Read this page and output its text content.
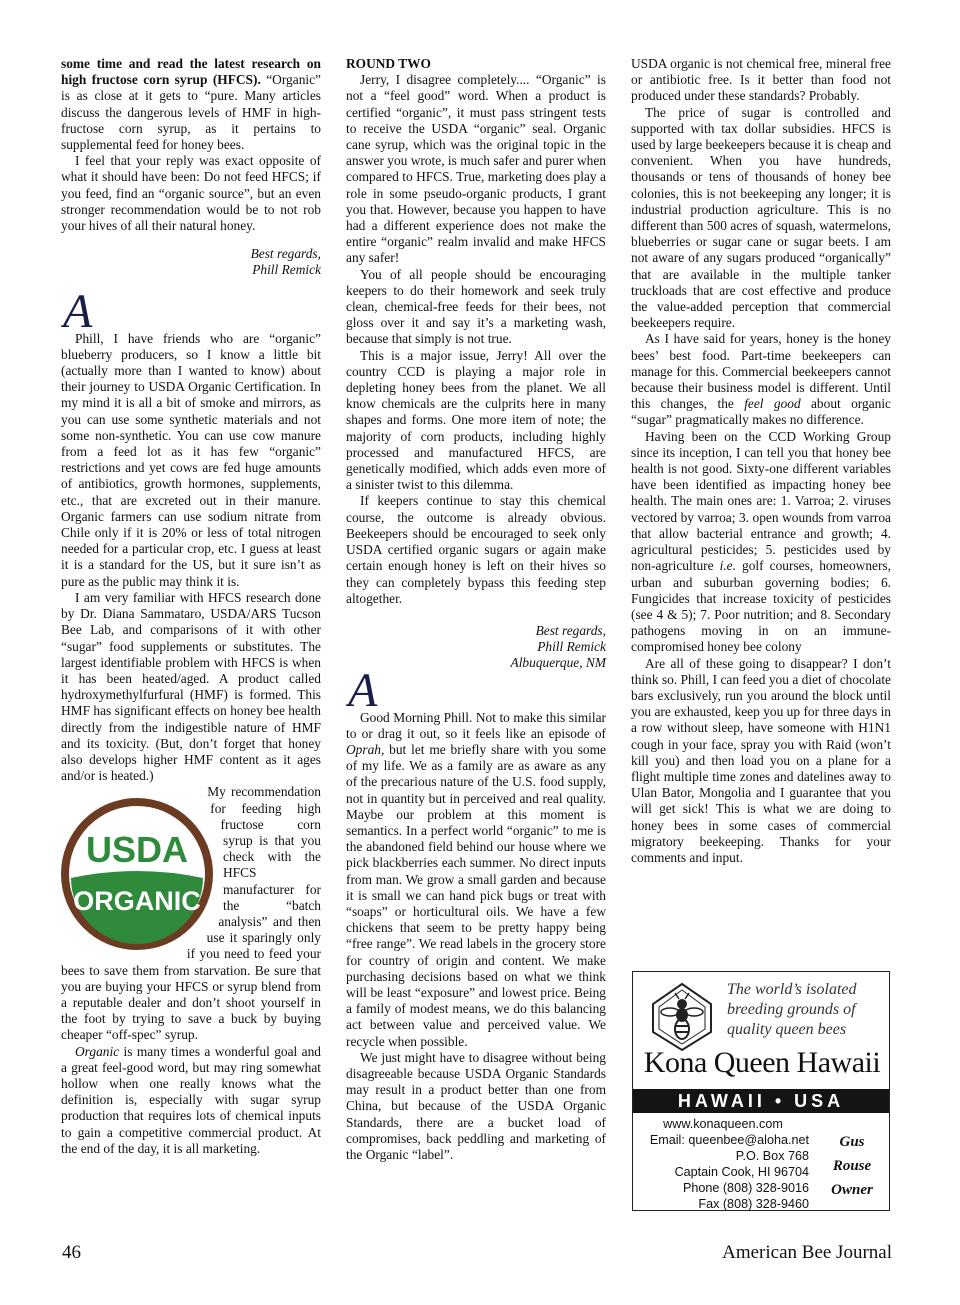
some time and read the latest research on high fructose corn syrup (HFCS). “Organic” is as close at it gets to “pure. Many articles discuss the dangerous levels of HMF in high-fructose corn syrup, as it pertains to supplemental feed for honey bees.

I feel that your reply was exact opposite of what it should have been: Do not feed HFCS; if you feed, find an “organic source”, but an even stronger recommendation would be to not rob your hives of all their natural honey.

Best regards,

Phill Remick

A

Phill, I have friends who are “organic” blueberry producers, so I know a little bit (actually more than I wanted to know) about their journey to USDA Organic Certification. In my mind it is all a bit of smoke and mirrors, as you can use some synthetic materials and not some non-synthetic. You can use cow manure from a feed lot as it has few “organic” restrictions and yet cows are fed huge amounts of antibiotics, growth hormones, supplements, etc., that are excreted out in their manure. Organic farmers can use sodium nitrate from Chile only if it is 20% or less of total nitrogen needed for a particular crop, etc. I guess at least it is a standard for the US, but it sure isn’t as pure as the public may think it is.

I am very familiar with HFCS research done by Dr. Diana Sammataro, USDA/ARS Tucson Bee Lab, and comparisons of it with other “sugar” food supplements or substitutes. The largest identifiable problem with HFCS is when it has been heated/aged. A product called hydroxymethylfurfural (HMF) is formed. This HMF has significant effects on honey bee health directly from the indigestible nature of HMF and its toxicity. (But, don’t forget that honey also develops higher HMF content as it ages and/or is heated.)

USDA
ORGANIC

My recommendation for feeding high fructose corn syrup is that you check with the HFCS manufacturer for the “batch analysis” and then use it sparingly only if you need to feed your bees to save them from starvation. Be sure that you are buying your HFCS or syrup blend from a reputable dealer and don’t shoot yourself in the foot by trying to save a buck by buying cheaper “off-spec” syrup.

Organic is many times a wonderful goal and a great feel-good word, but may ring somewhat hollow when one really knows what the definition is, especially with sugar syrup production that requires lots of chemical inputs to gain a competitive commercial product. At the end of the day, it is all marketing.

ROUND TWO

Jerry, I disagree completely.... “Organic” is not a “feel good” word. When a product is certified “organic”, it must pass stringent tests to receive the USDA “organic” seal. Organic cane syrup, which was the original topic in the answer you wrote, is much safer and purer when compared to HFCS. True, marketing does play a role in some pseudo-organic products, I grant you that. However, because you happen to have had a different experience does not make the entire “organic” realm invalid and make HFCS any safer!

You of all people should be encouraging keepers to do their homework and seek truly clean, chemical-free feeds for their bees, not gloss over it and say it’s a marketing wash, because that simply is not true.

This is a major issue, Jerry! All over the country CCD is playing a major role in depleting honey bees from the planet. We all know chemicals are the culprits here in many shapes and forms. One more item of note; the majority of corn products, including highly processed and manufactured HFCS, are genetically modified, which adds even more of a sinister twist to this dilemma.

If keepers continue to stay this chemical course, the outcome is already obvious. Beekeepers should be encouraged to seek only USDA certified organic sugars or again make certain enough honey is left on their hives so they can completely bypass this feeding step altogether.

Best regards,

Phill Remick

Albuquerque, NM

A

Good Morning Phill. Not to make this similar to or drag it out, so it feels like an episode of Oprah, but let me briefly share with you some of my life. We as a family are as aware as any of the precarious nature of the U.S. food supply, not in quantity but in perceived and real quality. Maybe our problem at this moment is semantics. In a perfect world “organic” to me is the abandoned field behind our house where we pick blackberries each summer. No direct inputs from man. We grow a small garden and because it is small we can hand pick bugs or treat with “soaps” or horticultural oils. We have a few chickens that seem to be pretty happy being “free range”. We read labels in the grocery store for country of origin and content. We make purchasing decisions based on what we think will be least “exposure” and lowest price. Being a family of modest means, we do this balancing act between value and perceived value. We recycle when possible.

We just might have to disagree without being disagreeable because USDA Organic Standards may result in a product better than one from China, but because of the USDA Organic Standards, there are a bucket load of compromises, back peddling and marketing of the Organic “label”.

USDA organic is not chemical free, mineral free or antibiotic free. Is it better than food not produced under these standards? Probably.

The price of sugar is controlled and supported with tax dollar subsidies. HFCS is used by large beekeepers because it is cheap and convenient. When you have hundreds, thousands or tens of thousands of honey bee colonies, this is not beekeeping any longer; it is industrial production agriculture. This is no different than 500 acres of squash, watermelons, blueberries or sugar cane or sugar beets. I am not aware of any sugars produced “organically” that are available in the multiple tanker truckloads that are cost effective and produce the value-added perception that commercial beekeepers require.

As I have said for years, honey is the honey bees’ best food. Part-time beekeepers can manage for this. Commercial beekeepers cannot because their business model is different. Until this changes, the feel good about organic “sugar” pragmatically makes no difference.

Having been on the CCD Working Group since its inception, I can tell you that honey bee health is not good. Sixty-one different variables have been identified as impacting honey bee health. The main ones are: 1. Varroa; 2. viruses vectored by varroa; 3. open wounds from varroa that allow bacterial entrance and growth; 4. agricultural pesticides; 5. pesticides used by non-agriculture i.e. golf courses, homeowners, urban and suburban governing bodies; 6. Fungicides that increase toxicity of pesticides (see 4 & 5); 7. Poor nutrition; and 8. Secondary pathogens moving in on an immune-compromised honey bee colony

Are all of these going to disappear? I don’t think so. Phill, I can feed you a diet of chocolate bars exclusively, run you around the block until you are exhausted, keep you up for three days in a row without sleep, have someone with H1N1 cough in your face, spray you with Raid (won’t kill you) and then load you on a plane for a flight multiple time zones and datelines away to Ulan Bator, Mongolia and I guarantee that you will get sick! This is what we are doing to honey bees in some cases of commercial migratory beekeeping. Thanks for your comments and input.

The world’s isolated breeding grounds of quality queen bees
Kona Queen Hawaii
HAWAII • USA
www.konaqueen.com
Email: queenbee@aloha.net
P.O. Box 768
Captain Cook, HI 96704
Phone (808) 328-9016
Fax (808) 328-9460
Gus
Rouse
Owner
46	American Bee Journal
